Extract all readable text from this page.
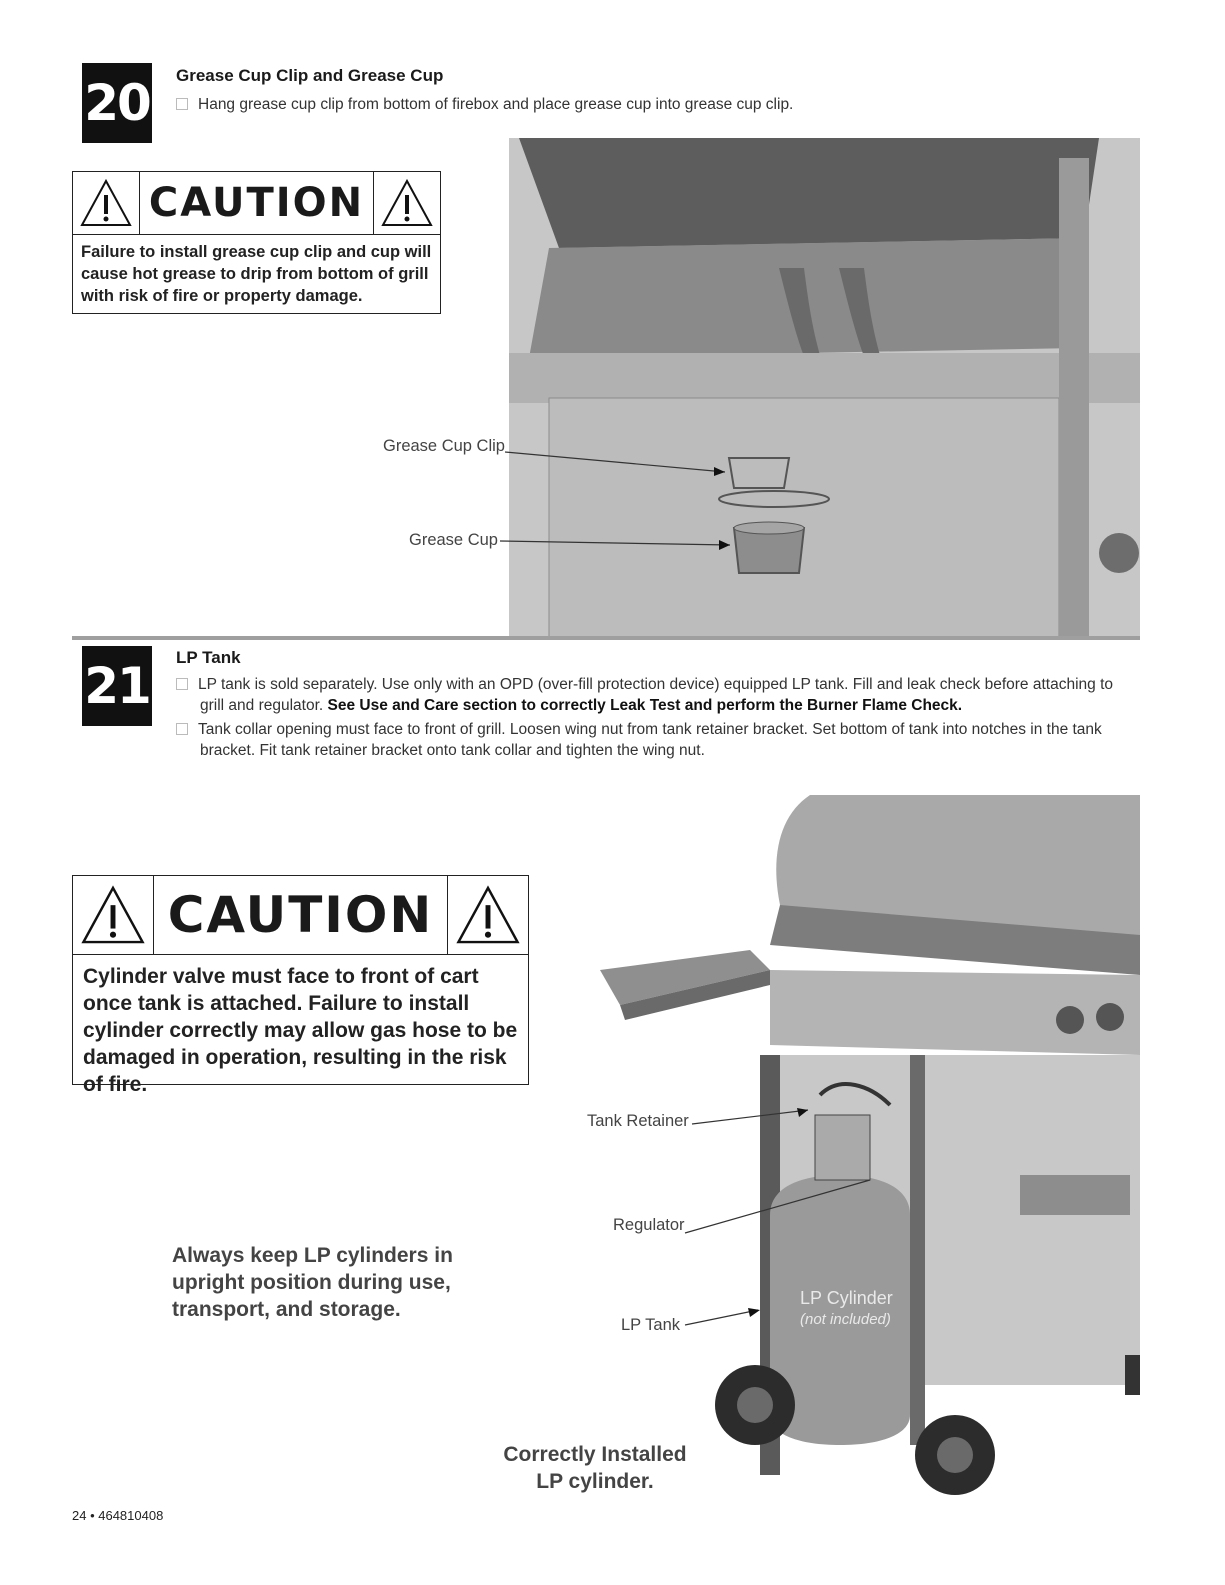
20 Grease Cup Clip and Grease Cup
Hang grease cup clip from bottom of firebox and place grease cup into grease cup clip.
CAUTION
Failure to install grease cup clip and cup will cause hot grease to drip from bottom of grill with risk of fire or property damage.
Grease Cup Clip
Grease Cup
21 LP Tank
LP tank is sold separately. Use only with an OPD (over-fill protection device) equipped LP tank. Fill and leak check before attaching to grill and regulator. See Use and Care section to correctly Leak Test and perform the Burner Flame Check.
Tank collar opening must face to front of grill. Loosen wing nut from tank retainer bracket. Set bottom of tank into notches in the tank bracket. Fit tank retainer bracket onto tank collar and tighten the wing nut.
CAUTION
Cylinder valve must face to front of cart once tank is attached. Failure to install cylinder correctly may allow gas hose to be damaged in operation, resulting in the risk of fire.
Always keep LP cylinders in upright position during use, transport, and storage.	LP Cylinder
(not included)
Tank Retainer
Regulator
LP Tank
Correctly Installed
LP cylinder.
24 • 464810408
